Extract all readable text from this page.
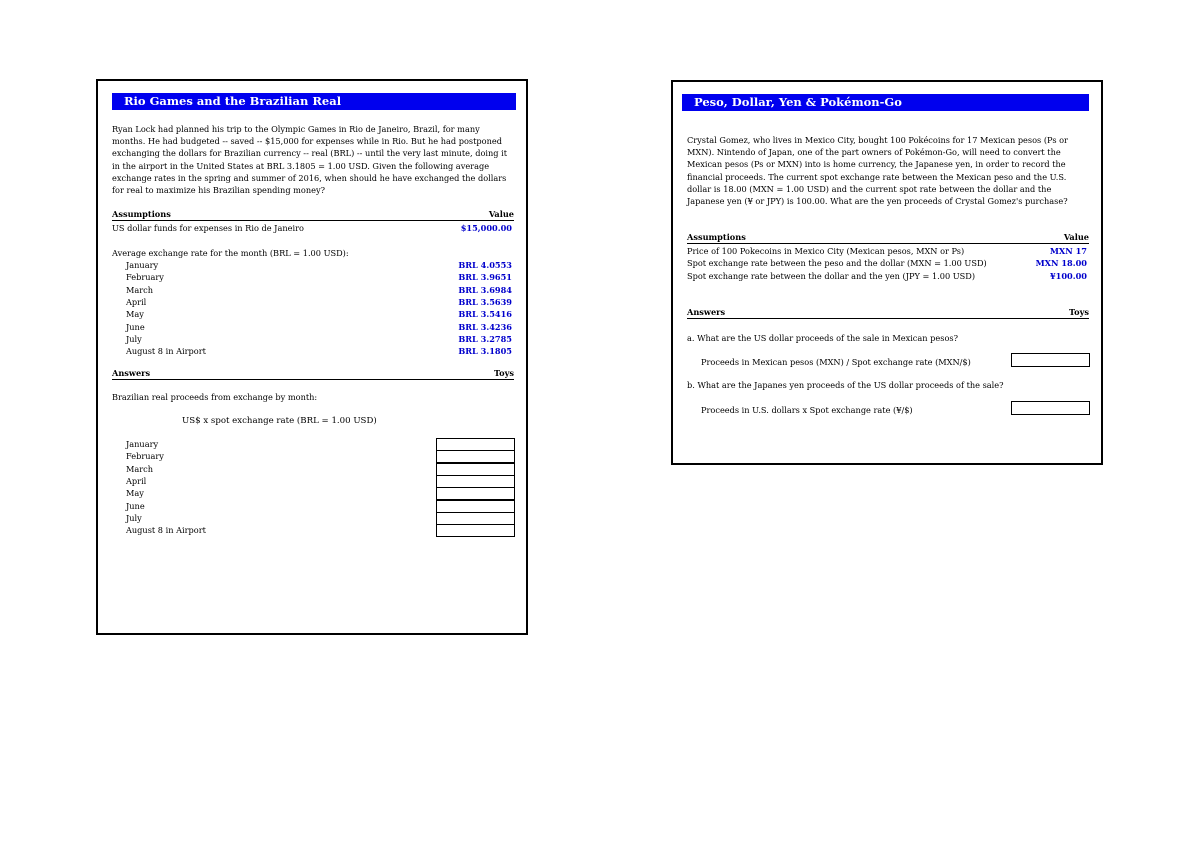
Rio Games and the Brazilian Real

Ryan Lock had planned his trip to the Olympic Games in Rio de Janeiro, Brazil, for many months. He had budgeted -- saved -- $15,000 for expenses while in Rio. But he had postponed exchanging the dollars for Brazilian currency -- real (BRL) -- until the very last minute, doing it in the airport in the United States at BRL 3.1805 = 1.00 USD. Given the following average exchange rates in the spring and summer of 2016, when should he have exchanged the dollars for real to maximize his Brazilian spending money?

Assumptions	Value
US dollar funds for expenses in Rio de Janeiro	$15,000.00
Average exchange rate for the month (BRL = 1.00 USD):
January	BRL 4.0553
February	BRL 3.9651
March	BRL 3.6984
April	BRL 3.5639
May	BRL 3.5416
June	BRL 3.4236
July	BRL 3.2785
August 8 in Airport	BRL 3.1805
Answers	Toys
Brazilian real proceeds from exchange by month:
US$ x spot exchange rate (BRL = 1.00 USD)
January
February
March
April
May
June
July
August 8 in Airport
Peso, Dollar, Yen & Pokémon-Go

Crystal Gomez, who lives in Mexico City, bought 100 Pokécoins for 17 Mexican pesos (Ps or MXN). Nintendo of Japan, one of the part owners of Pokémon-Go, will need to convert the Mexican pesos (Ps or MXN) into is home currency, the Japanese yen, in order to record the financial proceeds. The current spot exchange rate between the Mexican peso and the U.S. dollar is 18.00 (MXN = 1.00 USD) and the current spot rate between the dollar and the Japanese yen (¥ or JPY) is 100.00. What are the yen proceeds of Crystal Gomez's purchase?

Assumptions	Value
Price of 100 Pokecoins in Mexico City (Mexican pesos, MXN or Ps)	MXN 17
Spot exchange rate between the peso and the dollar (MXN = 1.00 USD)	MXN 18.00
Spot exchange rate between the dollar and the yen (JPY = 1.00 USD)	¥100.00
Answers	Toys
a. What are the US dollar proceeds of the sale in Mexican pesos?
Proceeds in Mexican pesos (MXN) / Spot exchange rate (MXN/$)
b. What are the Japanes yen proceeds of the US dollar proceeds of the sale?
Proceeds in U.S. dollars x Spot exchange rate (¥/$)
